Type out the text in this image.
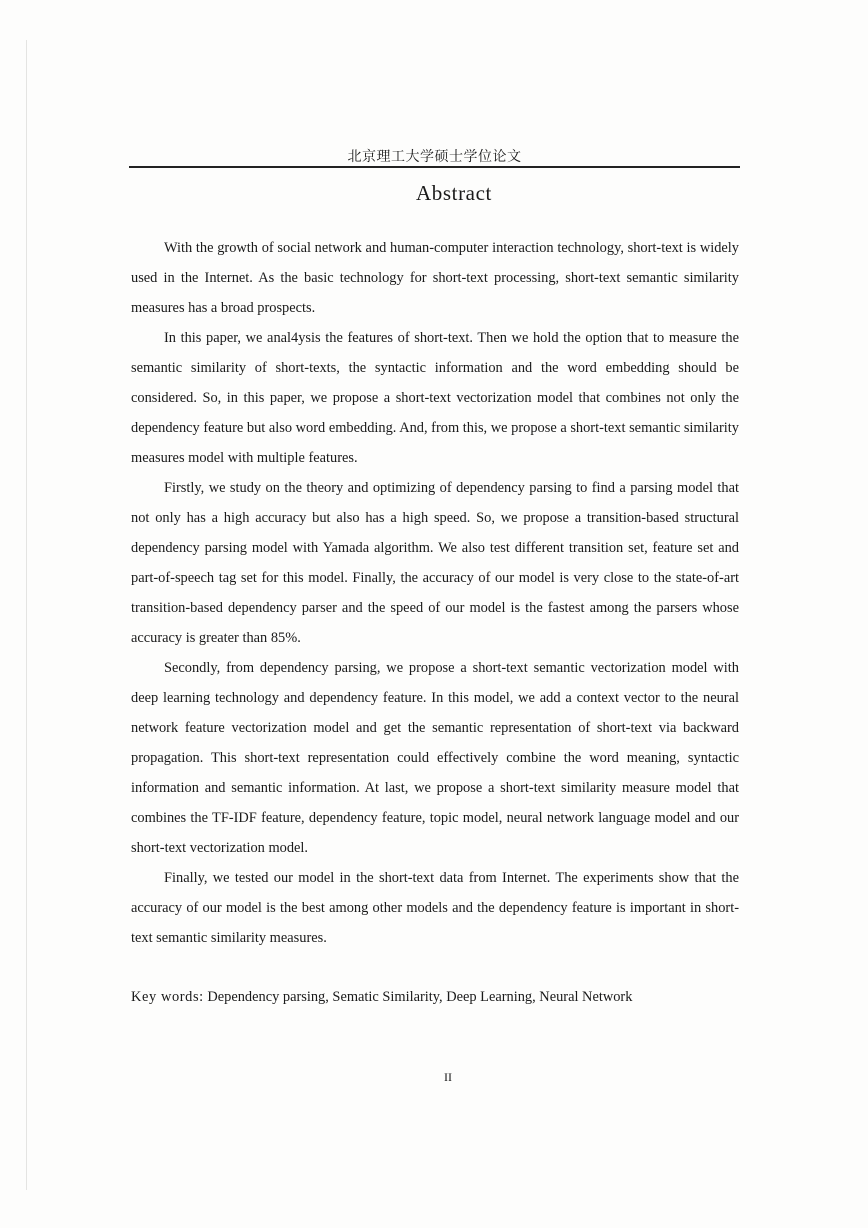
北京理工大学硕士学位论文
Abstract

With the growth of social network and human-computer interaction technology, short-text is widely used in the Internet. As the basic technology for short-text processing, short-text semantic similarity measures has a broad prospects.

In this paper, we anal4ysis the features of short-text. Then we hold the option that to measure the semantic similarity of short-texts, the syntactic information and the word embedding should be considered. So, in this paper, we propose a short-text vectorization model that combines not only the dependency feature but also word embedding. And, from this, we propose a short-text semantic similarity measures model with multiple features.

Firstly, we study on the theory and optimizing of dependency parsing to find a parsing model that not only has a high accuracy but also has a high speed. So, we propose a transition-based structural dependency parsing model with Yamada algorithm. We also test different transition set, feature set and part-of-speech tag set for this model. Finally, the accuracy of our model is very close to the state-of-art transition-based dependency parser and the speed of our model is the fastest among the parsers whose accuracy is greater than 85%.

Secondly, from dependency parsing, we propose a short-text semantic vectorization model with deep learning technology and dependency feature. In this model, we add a context vector to the neural network feature vectorization model and get the semantic representation of short-text via backward propagation. This short-text representation could effectively combine the word meaning, syntactic information and semantic information. At last, we propose a short-text similarity measure model that combines the TF-IDF feature, dependency feature, topic model, neural network language model and our short-text vectorization model.

Finally, we tested our model in the short-text data from Internet. The experiments show that the accuracy of our model is the best among other models and the dependency feature is important in short-text semantic similarity measures.

Key words: Dependency parsing, Sematic Similarity, Deep Learning, Neural Network
II
